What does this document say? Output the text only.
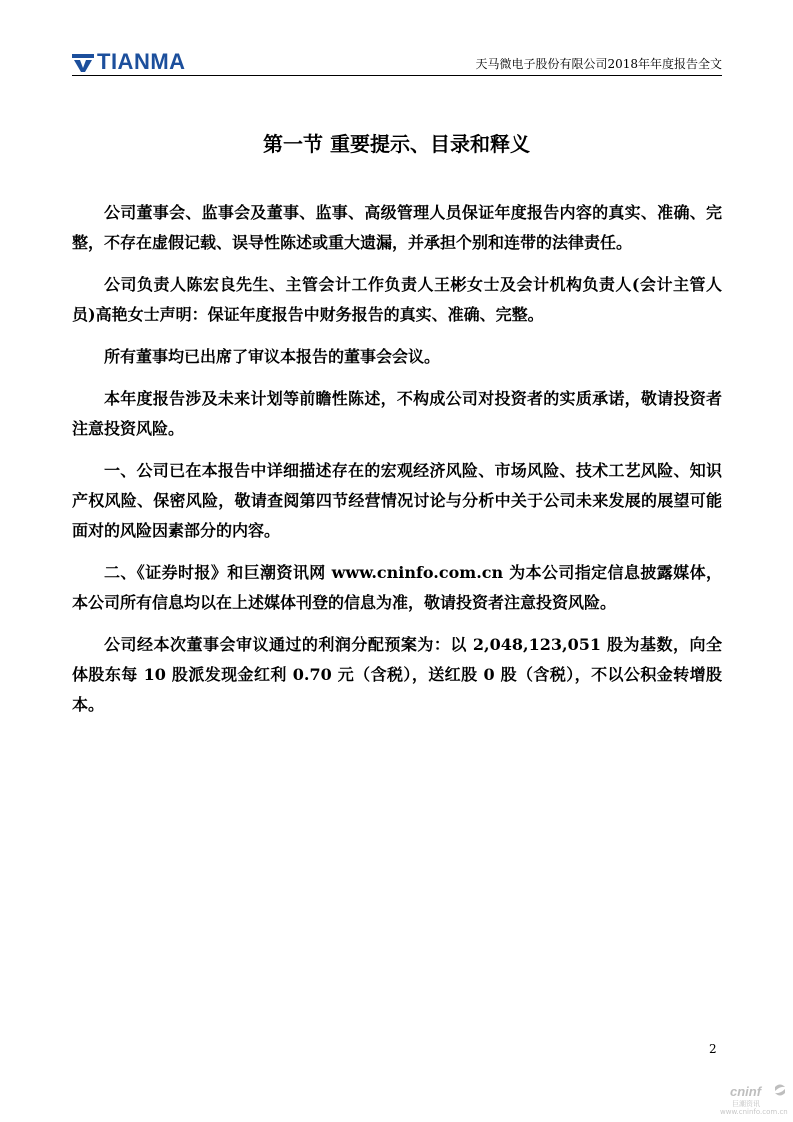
TIANMA	天马微电子股份有限公司2018年年度报告全文
第一节 重要提示、目录和释义

公司董事会、监事会及董事、监事、高级管理人员保证年度报告内容的真实、准确、完整，不存在虚假记载、误导性陈述或重大遗漏，并承担个别和连带的法律责任。

公司负责人陈宏良先生、主管会计工作负责人王彬女士及会计机构负责人(会计主管人员)高艳女士声明：保证年度报告中财务报告的真实、准确、完整。

所有董事均已出席了审议本报告的董事会会议。

本年度报告涉及未来计划等前瞻性陈述，不构成公司对投资者的实质承诺，敬请投资者注意投资风险。

一、公司已在本报告中详细描述存在的宏观经济风险、市场风险、技术工艺风险、知识产权风险、保密风险，敬请查阅第四节经营情况讨论与分析中关于公司未来发展的展望可能面对的风险因素部分的内容。

二、《证券时报》和巨潮资讯网 www.cninfo.com.cn 为本公司指定信息披露媒体，本公司所有信息均以在上述媒体刊登的信息为准，敬请投资者注意投资风险。

公司经本次董事会审议通过的利润分配预案为：以 2,048,123,051 股为基数，向全体股东每 10 股派发现金红利 0.70 元（含税），送红股 0 股（含税），不以公积金转增股本。

2
cninf
巨潮资讯
www.cninfo.com.cn
